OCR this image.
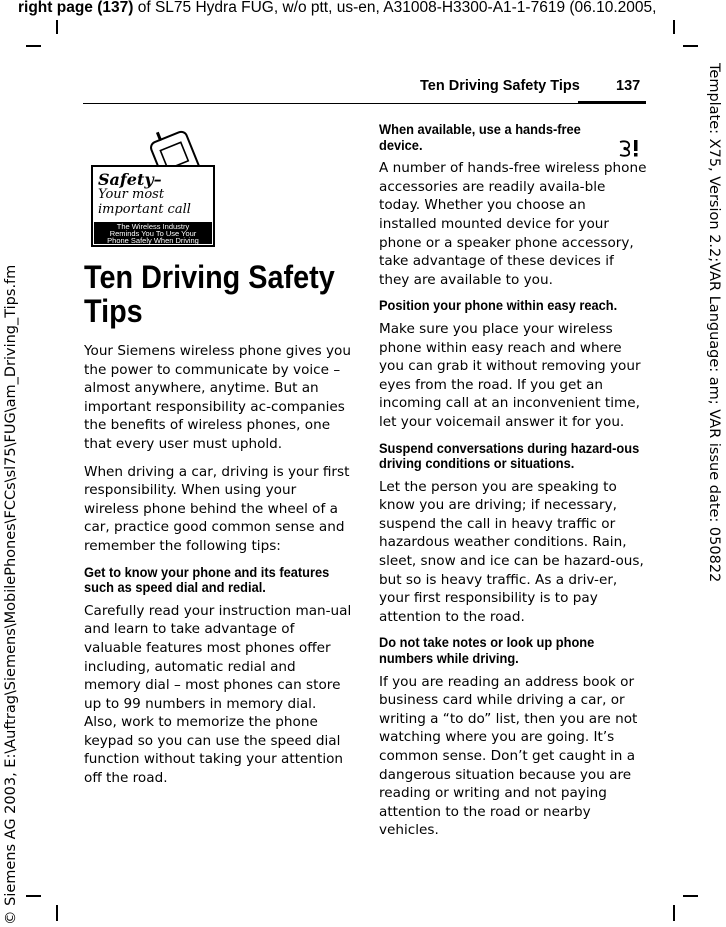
right page (137) of SL75 Hydra FUG, w/o ptt, us-en, A31008-H3300-A1-1-7619 (06.10.2005,
© Siemens AG 2003, E:\Auftrag\Siemens\MobilePhones\FCCs\sl75\FUG\am_Driving_Tips.fm	Template: X75, Version 2.2;VAR Language: am; VAR issue date: 050822
Ten Driving Safety Tips 137
Safety–
Your most
important call
The Wireless Industry
Reminds You To Use Your
Phone Safely When Driving
Ten Driving Safety Tips

Your Siemens wireless phone gives you the power to communicate by voice – almost anywhere, anytime. But an important responsibility ac-companies the benefits of wireless phones, one that every user must uphold.

When driving a car, driving is your first responsibility. When using your wireless phone behind the wheel of a car, practice good common sense and remember the following tips:

Get to know your phone and its features such as speed dial and redial.

Carefully read your instruction man-ual and learn to take advantage of valuable features most phones offer including, automatic redial and memory dial – most phones can store up to 99 numbers in memory dial. Also, work to memorize the phone keypad so you can use the speed dial function without taking your attention off the road.

When available, use a hands-free device.

A number of hands-free wireless phone accessories are readily availa-ble today. Whether you choose an installed mounted device for your phone or a speaker phone accessory, take advantage of these devices if they are available to you.

Position your phone within easy reach.

Make sure you place your wireless phone within easy reach and where you can grab it without removing your eyes from the road. If you get an incoming call at an inconvenient time, let your voicemail answer it for you.

Suspend conversations during hazard-ous driving conditions or situations.

Let the person you are speaking to know you are driving; if necessary, suspend the call in heavy traffic or hazardous weather conditions. Rain, sleet, snow and ice can be hazard-ous, but so is heavy traffic. As a driv-er, your first responsibility is to pay attention to the road.

Do not take notes or look up phone numbers while driving.

If you are reading an address book or business card while driving a car, or writing a “to do” list, then you are not watching where you are going. It’s common sense. Don’t get caught in a dangerous situation because you are reading or writing and not paying attention to the road or nearby vehicles.
